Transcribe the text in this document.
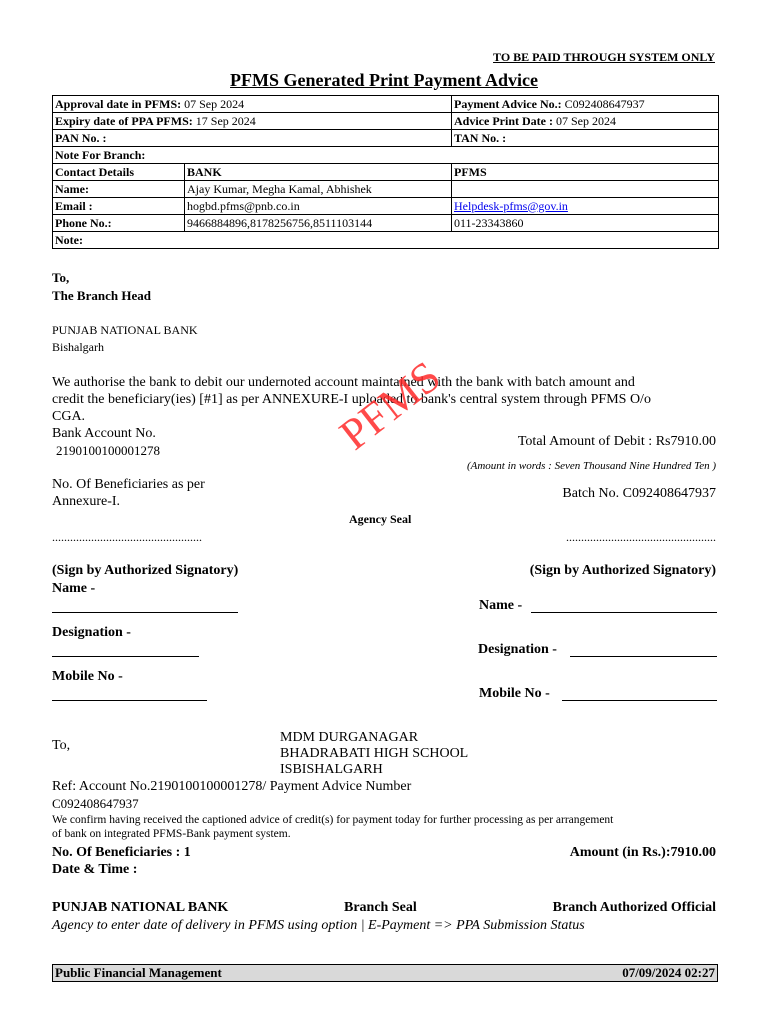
TO BE PAID THROUGH SYSTEM ONLY
PFMS Generated Print Payment Advice
Approval date in PFMS: 07 Sep 2024		Payment Advice No.: C092408647937
Expiry date of PPA PFMS: 17 Sep 2024		Advice Print Date : 07 Sep 2024
PAN No. :		TAN No. :
Note For Branch:		
Contact Details	BANK	PFMS
Name:	Ajay Kumar, Megha Kamal, Abhishek	
Email :	hogbd.pfms@pnb.co.in	Helpdesk-pfms@gov.in
Phone No.:	9466884896,8178256756,8511103144	011-23343860
Note:		
To,
The Branch Head
PUNJAB NATIONAL BANK
Bishalgarh
We authorise the bank to debit our undernoted account maintained with the bank with batch amount and
credit the beneficiary(ies) [#1] as per ANNEXURE-I uploaded to bank's central system through PFMS O/o
CGA.
Bank Account No.
2190100100001278
Total Amount of Debit : Rs7910.00
(Amount in words : Seven Thousand Nine Hundred Ten )
No. Of Beneficiaries as per
Annexure-I.
Batch No. C092408647937
Agency Seal
PFMS
..................................................	..................................................
(Sign by Authorized Signatory)	(Sign by Authorized Signatory)
Name -
Name -
Designation -
Designation -
Mobile No -
Mobile No -
To,
MDM DURGANAGAR
BHADRABATI HIGH SCHOOL
ISBISHALGARH
Ref: Account No.2190100100001278/ Payment Advice Number
C092408647937
We confirm having received the captioned advice of credit(s) for payment today for further processing as per arrangement
of bank on integrated PFMS-Bank payment system.
No. Of Beneficiaries : 1	Amount (in Rs.):7910.00
Date & Time :
PUNJAB NATIONAL BANK	Branch Seal	Branch Authorized Official
Agency to enter date of delivery in PFMS using option | E-Payment => PPA Submission Status
Public Financial Management	07/09/2024 02:27
